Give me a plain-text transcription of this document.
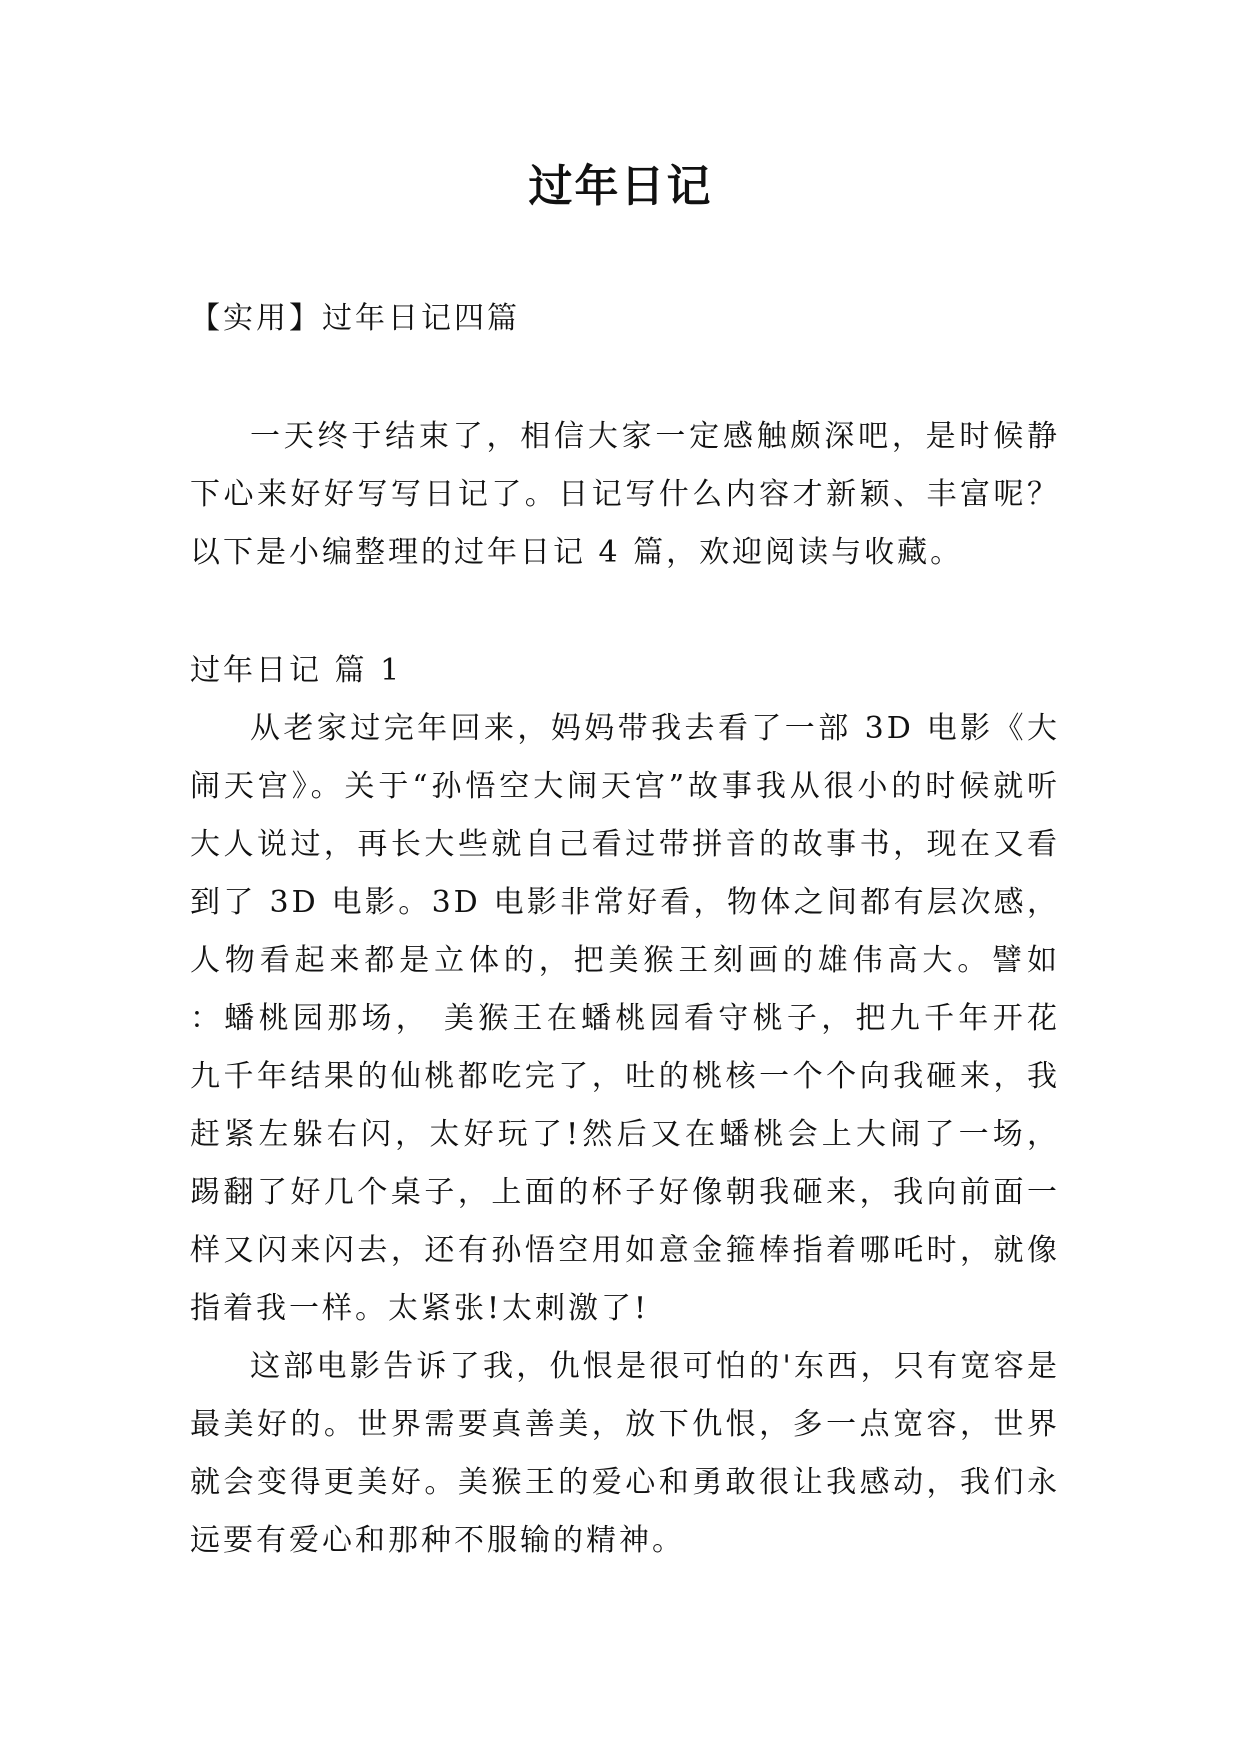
过年日记

【实用】过年日记四篇

一天终于结束了，相信大家一定感触颇深吧，是时候静下心来好好写写日记了。日记写什么内容才新颖、丰富呢？以下是小编整理的过年日记 4 篇，欢迎阅读与收藏。

过年日记 篇 1

从老家过完年回来，妈妈带我去看了一部 3D 电影《大闹天宫》。关于“孙悟空大闹天宫”故事我从很小的时候就听大人说过，再长大些就自己看过带拼音的故事书，现在又看到了 3D 电影。3D 电影非常好看，物体之间都有层次感，人物看起来都是立体的，把美猴王刻画的雄伟高大。譬如 ：蟠桃园那场， 美猴王在蟠桃园看守桃子，把九千年开花九千年结果的仙桃都吃完了，吐的桃核一个个向我砸来，我赶紧左躲右闪，太好玩了!然后又在蟠桃会上大闹了一场，踢翻了好几个桌子，上面的杯子好像朝我砸来，我向前面一样又闪来闪去，还有孙悟空用如意金箍棒指着哪吒时，就像指着我一样。太紧张!太刺激了!

这部电影告诉了我，仇恨是很可怕的'东西，只有宽容是最美好的。世界需要真善美，放下仇恨，多一点宽容，世界就会变得更美好。美猴王的爱心和勇敢很让我感动，我们永远要有爱心和那种不服输的精神。
